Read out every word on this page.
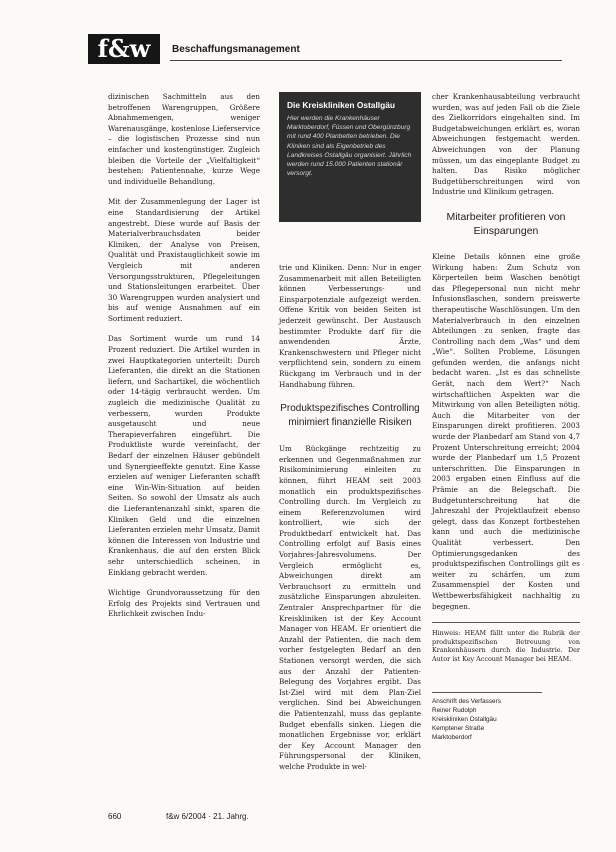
f&w	Beschaffungsmanagement

dizinischen Sachmitteln aus den betroffenen Warengruppen, Größere Abnahmemengen, weniger Warenausgänge, kostenlose Lieferservice – die logistischen Prozesse sind nun einfacher und kostengünstiger. Zugleich bleiben die Vorteile der „Vielfaltigkeit“ bestehen: Patientennahe, kurze Wege und individuelle Behandlung.

Mit der Zusammenlegung der Lager ist eine Standardisierung der Artikel angestrebt. Diese wurde auf Basis der Materialverbrauchsdaten beider Kliniken, der Analyse von Preisen, Qualität und Praxistauglichkeit sowie im Vergleich mit anderen Versorgungsstrukturen, Pflegeleitungen und Stationsleitungen erarbeitet. Über 30 Warengruppen wurden analysiert und bis auf wenige Ausnahmen auf ein Sortiment reduziert.

Das Sortiment wurde um rund 14 Prozent reduziert. Die Artikel wurden in zwei Hauptkategorien unterteilt: Durch Lieferanten, die direkt an die Stationen liefern, und Sachartikel, die wöchentlich oder 14-tägig verbraucht werden. Um zugleich die medizinische Qualität zu verbessern, wurden Produkte ausgetauscht und neue Therapieverfahren eingeführt. Die Produktliste wurde vereinfacht, der Bedarf der einzelnen Häuser gebündelt und Synergieeffekte genutzt. Eine Kasse erzielen auf weniger Lieferanten schafft eine Win-Win-Situation auf beiden Seiten. So sowohl der Umsatz als auch die Lieferantenanzahl sinkt, sparen die Kliniken Geld und die einzelnen Lieferanten erzielen mehr Umsatz. Damit können die Interessen von Industrie und Krankenhaus, die auf den ersten Blick sehr unterschiedlich scheinen, in Einklang gebracht werden.

Wichtige Grundvoraussetzung für den Erfolg des Projekts sind Vertrauen und Ehrlichkeit zwischen Indu-

Die Kreiskliniken Ostallgäu
Hier werden die Krankenhäuser Marktoberdorf, Füssen und Obergünzburg mit rund 400 Planbetten betrieben. Die Kliniken sind als Eigenbetrieb des Landkreises Ostallgäu organisiert. Jährlich werden rund 15.000 Patienten stationär versorgt.

trie und Kliniken. Denn: Nur in enger Zusammenarbeit mit allen Beteiligten können Verbesserungs- und Einsparpotenziale aufgezeigt werden. Offene Kritik von beiden Seiten ist jederzeit gewünscht. Der Austausch bestimmter Produkte darf für die anwendenden Ärzte, Krankenschwestern und Pfleger nicht verpflichtend sein, sondern zu einem Rückgang im Verbrauch und in der Handhabung führen.

Produktspezifisches Controlling minimiert finanzielle Risiken

Um Rückgänge rechtzeitig zu erkennen und Gegenmaßnahmen zur Risikominimierung einleiten zu können, führt HEAM seit 2003 monatlich ein produktspezifisches Controlling durch. Im Vergleich zu einem Referenzvolumen wird kontrolliert, wie sich der Produktbedarf entwickelt hat. Das Controlling erfolgt auf Basis eines Vorjahres-Jahresvolumens. Der Vergleich ermöglicht es, Abweichungen direkt am Verbrauchsort zu ermitteln und zusätzliche Einsparungen abzuleiten. Zentraler Ansprechpartner für die Kreiskliniken ist der Key Account Manager von HEAM. Er orientiert die Anzahl der Patienten, die nach dem vorher festgelegten Bedarf an den Stationen versorgt werden, die sich aus der Anzahl der Patienten-Belegung des Vorjahres ergibt. Das Ist-Ziel wird mit dem Plan-Ziel verglichen. Sind bei Abweichungen die Patientenzahl, muss das geplante Budget ebenfalls sinken. Liegen die monatlichen Ergebnisse vor, erklärt der Key Account Manager den Führungspersonal der Kliniken, welche Produkte in wel-

cher Krankenhausabteilung verbraucht wurden, was auf jeden Fall ob die Ziele des Zielkorridors eingehalten sind. Im Budgetabweichungen erklärt es, woran Abweichungen festgemacht werden. Abweichungen von der Planung müssen, um das eingeplante Budget zu halten. Das Risiko möglicher Budgetüberschreitungen wird von Industrie und Klinikum getragen.

Mitarbeiter profitieren von Einsparungen

Kleine Details können eine große Wirkung haben: Zum Schutz von Körperteilen beim Waschen benötigt das Pflegepersonal nun nicht mehr Infusionsflaschen, sondern preiswerte therapeutische Waschlösungen. Um den Materialverbrauch in den einzelnen Abteilungen zu senken, fragte das Controlling nach dem „Was“ und dem „Wie“. Sollten Probleme, Lösungen gefunden werden, die anfangs nicht bedacht waren. „Ist es das schnellste Gerät, nach dem Wert?“ Nach wirtschaftlichen Aspekten war die Mitwirkung von allen Beteiligten nötig. Auch die Mitarbeiter von der Einsparungen direkt profitieren. 2003 wurde der Planbedarf am Stand von 4,7 Prozent Unterschreitung erreicht; 2004 wurde der Planbedarf um 1,5 Prozent unterschritten. Die Einsparungen in 2003 ergaben einen Einfluss auf die Prämie an die Belegschaft. Die Budgetunterschreitung hat die Jahreszahl der Projektlaufzeit ebenso gelegt, dass das Konzept fortbestehen kann und auch die medizinische Qualität verbessert. Den Optimierungsgedanken des produktspezifischen Controllings gilt es weiter zu schärfen, um zum Zusammenspiel der Kosten und Wettbewerbsfähigkeit nachhaltig zu begegnen.

Hinweis: HEAM fällt unter die Rubrik der produktspezifischen Betreuung von Krankenhäusern durch die Industrie. Der Autor ist Key Account Manager bei HEAM.
Anschrift des Verfassers
Reiner Rudolph
Kreiskliniken Ostallgäu
Kemptener Straße
Marktoberdorf
660	f&w 6/2004 · 21. Jahrg.
